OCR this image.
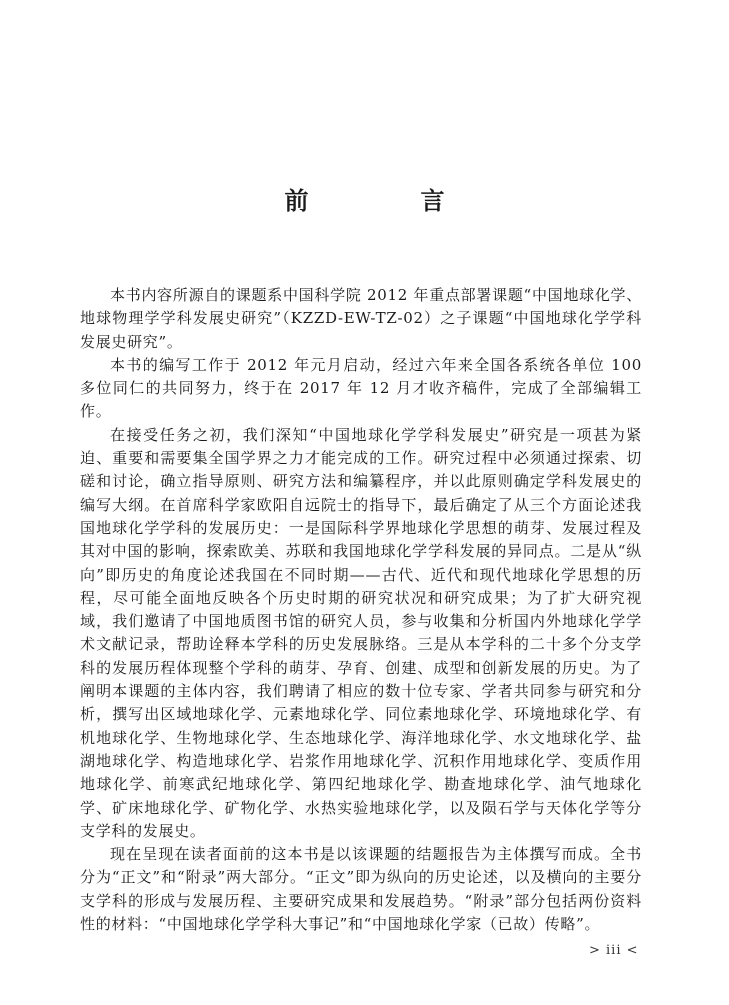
前　言

本书内容所源自的课题系中国科学院 2012 年重点部署课题“中国地球化学、地球物理学学科发展史研究”（KZZD-EW-TZ-02）之子课题“中国地球化学学科发展史研究”。

本书的编写工作于 2012 年元月启动，经过六年来全国各系统各单位 100 多位同仁的共同努力，终于在 2017 年 12 月才收齐稿件，完成了全部编辑工作。

在接受任务之初，我们深知“中国地球化学学科发展史”研究是一项甚为紧迫、重要和需要集全国学界之力才能完成的工作。研究过程中必须通过探索、切磋和讨论，确立指导原则、研究方法和编纂程序，并以此原则确定学科发展史的编写大纲。在首席科学家欧阳自远院士的指导下，最后确定了从三个方面论述我国地球化学学科的发展历史：一是国际科学界地球化学思想的萌芽、发展过程及其对中国的影响，探索欧美、苏联和我国地球化学学科发展的异同点。二是从“纵向”即历史的角度论述我国在不同时期——古代、近代和现代地球化学思想的历程，尽可能全面地反映各个历史时期的研究状况和研究成果；为了扩大研究视域，我们邀请了中国地质图书馆的研究人员，参与收集和分析国内外地球化学学术文献记录，帮助诠释本学科的历史发展脉络。三是从本学科的二十多个分支学科的发展历程体现整个学科的萌芽、孕育、创建、成型和创新发展的历史。为了阐明本课题的主体内容，我们聘请了相应的数十位专家、学者共同参与研究和分析，撰写出区域地球化学、元素地球化学、同位素地球化学、环境地球化学、有机地球化学、生物地球化学、生态地球化学、海洋地球化学、水文地球化学、盐湖地球化学、构造地球化学、岩浆作用地球化学、沉积作用地球化学、变质作用地球化学、前寒武纪地球化学、第四纪地球化学、勘查地球化学、油气地球化学、矿床地球化学、矿物化学、水热实验地球化学，以及陨石学与天体化学等分支学科的发展史。

现在呈现在读者面前的这本书是以该课题的结题报告为主体撰写而成。全书分为“正文”和“附录”两大部分。“正文”即为纵向的历史论述，以及横向的主要分支学科的形成与发展历程、主要研究成果和发展趋势。“附录”部分包括两份资料性的材料：“中国地球化学学科大事记”和“中国地球化学家（已故）传略”。

> iii <
